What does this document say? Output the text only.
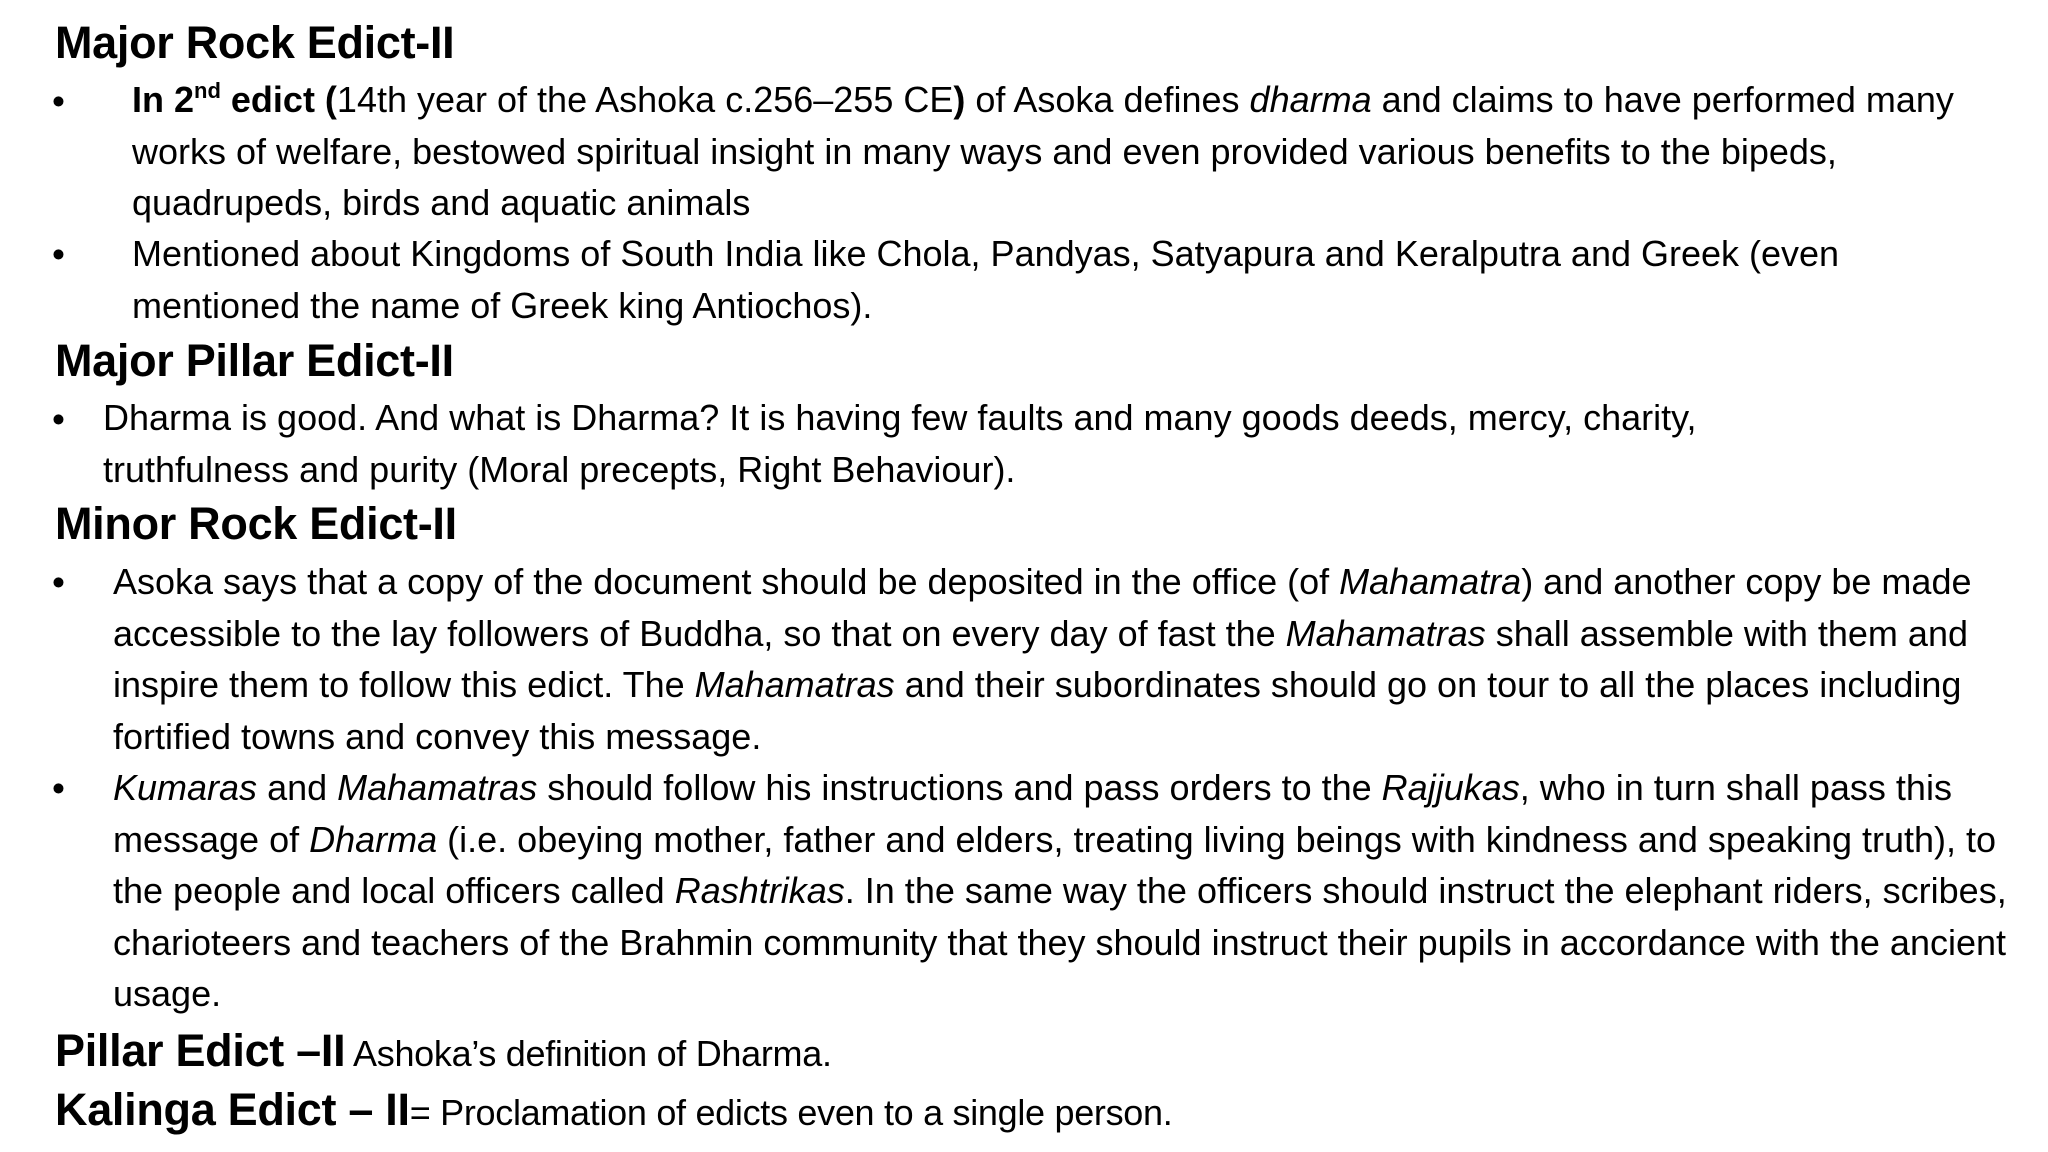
Major Rock Edict-II
• In 2nd edict (14th year of the Ashoka c.256–255 CE) of Asoka defines dharma and claims to have performed many works of welfare, bestowed spiritual insight in many ways and even provided various benefits to the bipeds, quadrupeds, birds and aquatic animals
• Mentioned about Kingdoms of South India like Chola, Pandyas, Satyapura and Keralputra and Greek (even mentioned the name of Greek king Antiochos).
Major Pillar Edict-II
• Dharma is good. And what is Dharma? It is having few faults and many goods deeds, mercy, charity, truthfulness and purity (Moral precepts, Right Behaviour).
Minor Rock Edict-II
• Asoka says that a copy of the document should be deposited in the office (of Mahamatra) and another copy be made accessible to the lay followers of Buddha, so that on every day of fast the Mahamatras shall assemble with them and inspire them to follow this edict. The Mahamatras and their subordinates should go on tour to all the places including fortified towns and convey this message.
• Kumaras and Mahamatras should follow his instructions and pass orders to the Rajjukas, who in turn shall pass this message of Dharma (i.e. obeying mother, father and elders, treating living beings with kindness and speaking truth), to the people and local officers called Rashtrikas. In the same way the officers should instruct the elephant riders, scribes, charioteers and teachers of the Brahmin community that they should instruct their pupils in accordance with the ancient usage.
Pillar Edict –II Ashoka’s definition of Dharma.
Kalinga Edict – II= Proclamation of edicts even to a single person.
